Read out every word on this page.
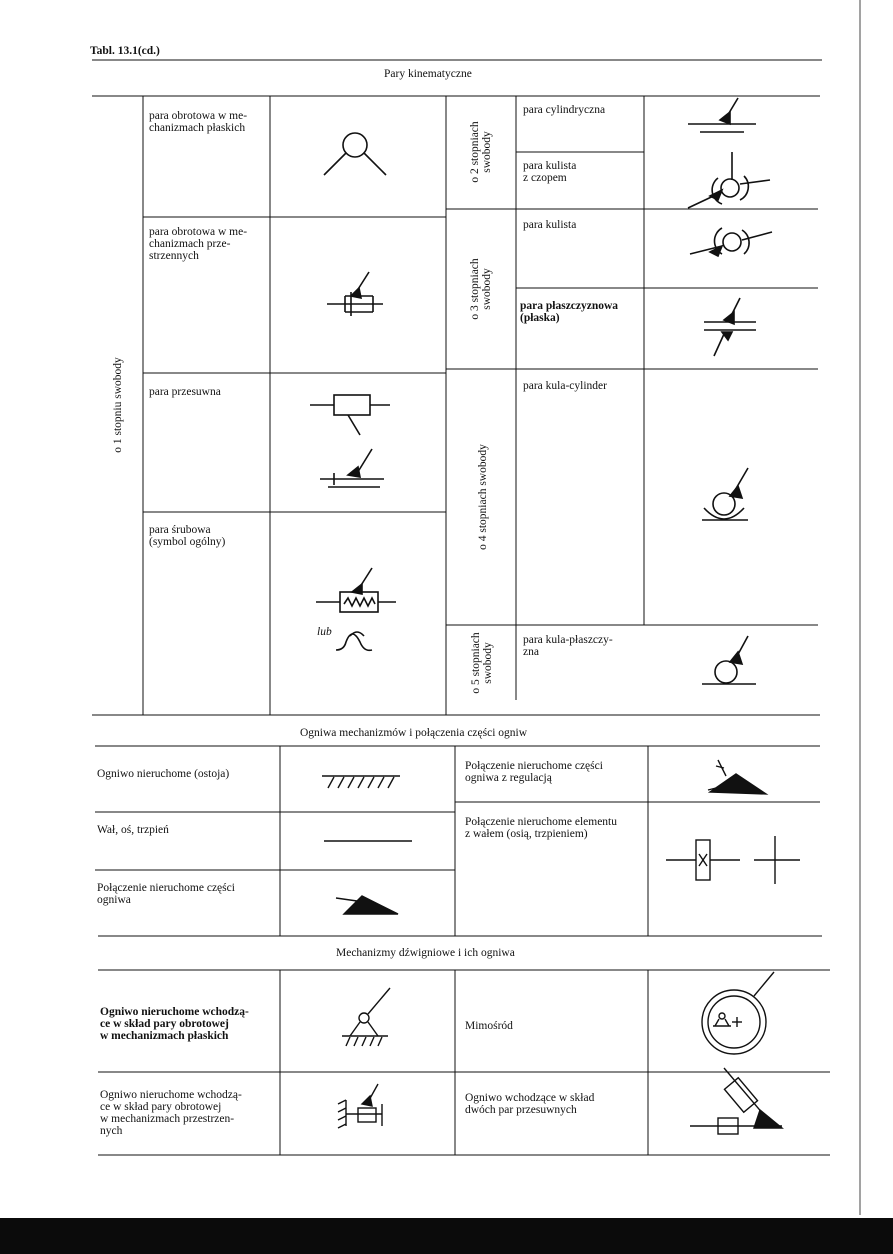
Tabl. 13.1(cd.)
Pary kinematyczne
o 1 stopniu swobody
o 2 stopniach
swobody
o 3 stopniach
swobody
o 4 stopniach swobody
o 5 stopniach
swobody
para obrotowa w me-
chanizmach płaskich
para obrotowa w me-
chanizmach prze-
strzennych
para przesuwna
para śrubowa
(symbol ogólny)
para cylindryczna
para kulista
z czopem
para kulista
para płaszczyznowa
(płaska)
para kula-cylinder
para kula-płaszczy-
zna
lub
Ogniwa mechanizmów i połączenia części ogniw
Ogniwo nieruchome (ostoja)
Wał, oś, trzpień
Połączenie nieruchome części
ogniwa
Połączenie nieruchome części
ogniwa z regulacją
Połączenie nieruchome elementu
z wałem (osią, trzpieniem)
Mechanizmy dźwigniowe i ich ogniwa
Ogniwo nieruchome wchodzą-
ce w skład pary obrotowej
w mechanizmach płaskich
Ogniwo nieruchome wchodzą-
ce w skład pary obrotowej
w mechanizmach przestrzen-
nych
Mimośród
Ogniwo wchodzące w skład
dwóch par przesuwnych
